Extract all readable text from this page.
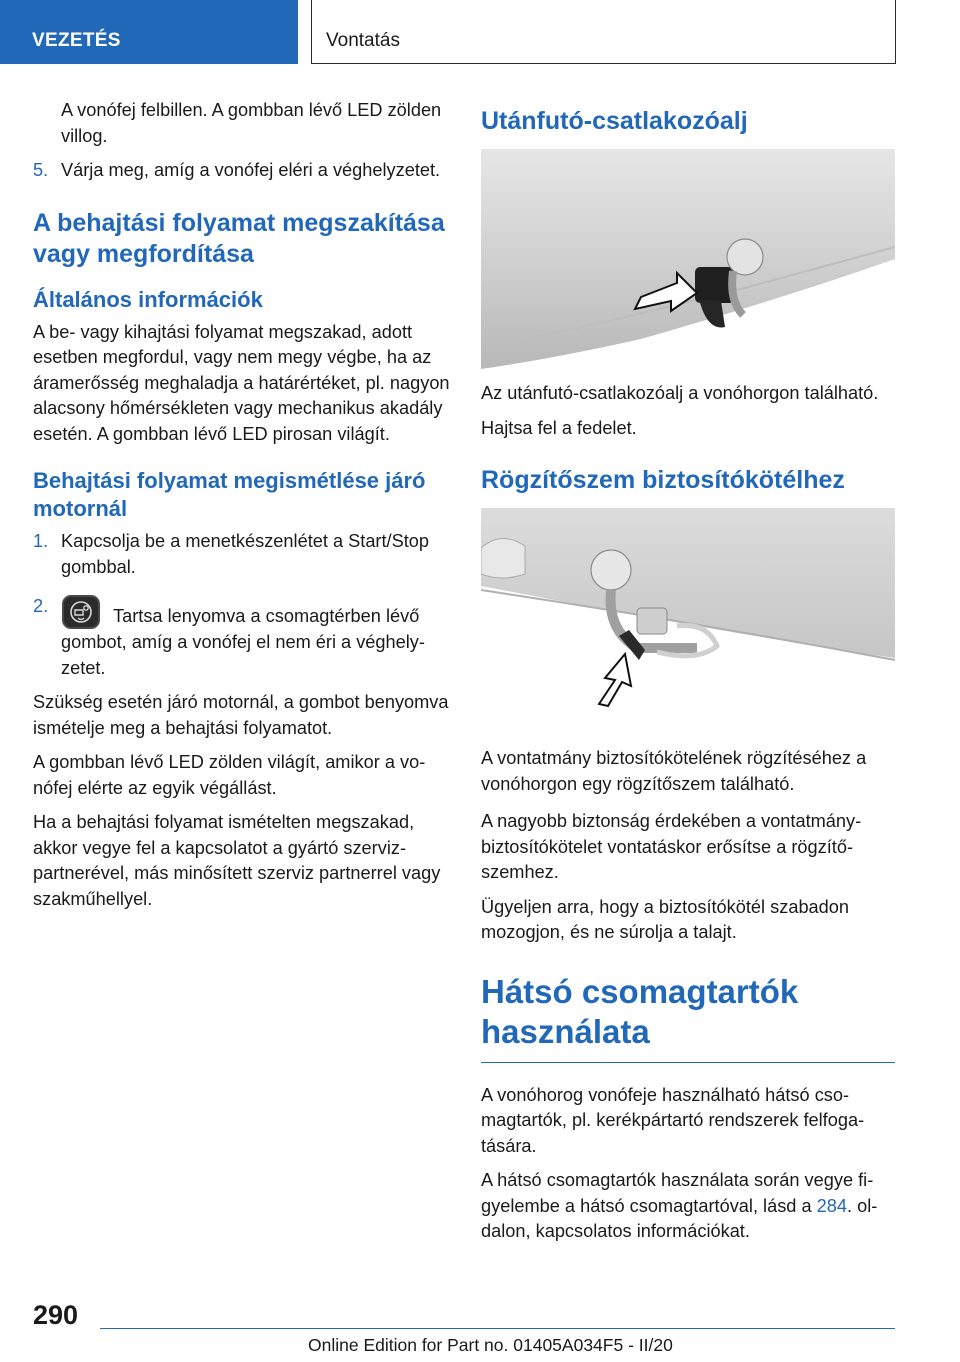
VEZETÉS	Vontatás
A vonófej felbillen. A gombban lévő LED zölden villog.
5. Várja meg, amíg a vonófej eléri a véghelyzetet.
A behajtási folyamat megszakítása vagy megfordítása
Általános információk

A be- vagy kihajtási folyamat megszakad, adott esetben megfordul, vagy nem megy végbe, ha az áramerősség meghaladja a határértéket, pl. nagyon alacsony hőmérsékleten vagy mechanikus akadály esetén. A gombban lévő LED pirosan világít.

Behajtási folyamat megismétlése járó motornál
1. Kapcsolja be a menetkészenlétet a Start/Stop gombbal.
2.	Tartsa lenyomva a csomagtérben lévő gombot, amíg a vonófej el nem éri a véghelyzetet.

Szükség esetén járó motornál, a gombot benyomva ismételje meg a behajtási folyamatot.

A gombban lévő LED zölden világít, amikor a vonófej elérte az egyik végállást.

Ha a behajtási folyamat ismételten megszakad, akkor vegye fel a kapcsolatot a gyártó szervizpartnerével, más minősített szerviz partnerrel vagy szakműhellyel.

Utánfutó-csatlakozóalj

Az utánfutó-csatlakozóalj a vonóhorgon található.

Hajtsa fel a fedelet.

Rögzítőszem biztosítókötélhez

A vontatmány biztosítókötelének rögzítéséhez a vonóhorgon egy rögzítőszem található.

A nagyobb biztonság érdekében a vontatmánybiztosítókötelet vontatáskor erősítse a rögzítőszemhez.

Ügyeljen arra, hogy a biztosítókötél szabadon mozogjon, és ne súrolja a talajt.

Hátsó csomagtartók használata

A vonóhorog vonófeje használható hátsó csomagtartók, pl. kerékpártartó rendszerek felfogatására.

A hátsó csomagtartók használata során vegye figyelembe a hátsó csomagtartóval, lásd a 284. oldalon, kapcsolatos információkat.

290
Online Edition for Part no. 01405A034F5 - II/20
